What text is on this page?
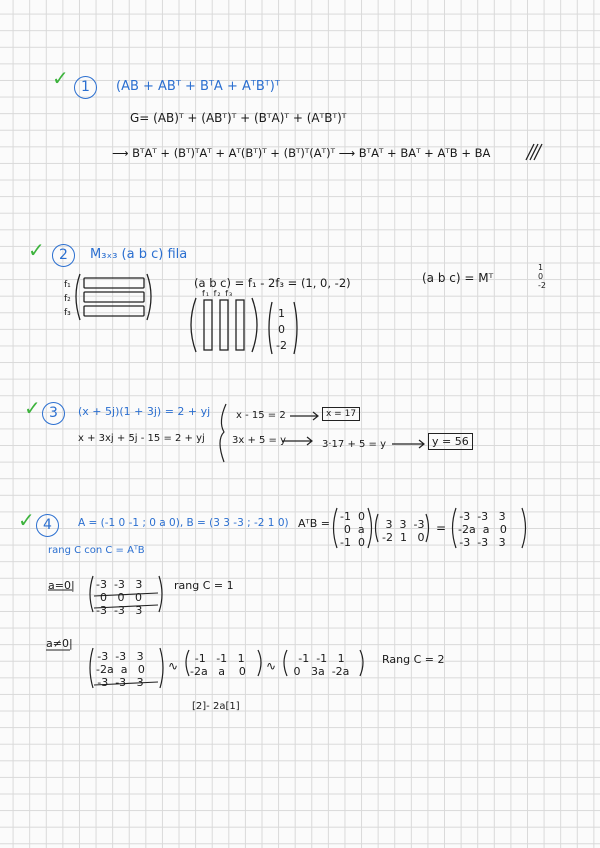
✓ 1	(AB + ABᵀ + BᵀA + AᵀBᵀ)ᵀ
G= (AB)ᵀ + (ABᵀ)ᵀ + (BᵀA)ᵀ + (AᵀBᵀ)ᵀ
⟶ BᵀAᵀ + (Bᵀ)ᵀAᵀ + Aᵀ(Bᵀ)ᵀ + (Bᵀ)ᵀ(Aᵀ)ᵀ ⟶ BᵀAᵀ + BAᵀ + AᵀB + BA
✓	2	M₃ₓ₃ (a b c) fila
f₁
f₂
f₃
(a b c) = f₁ - 2f₃ = (1, 0, -2)	(a b c) = Mᵀ
1
0
-2
f₁ f₂ f₃
1
0
-2
✓ 3	(x + 5j)(1 + 3j) = 2 + yj
x + 3xj + 5j - 15 = 2 + yj
x - 15 = 2	x = 17
3x + 5 = y	3·17 + 5 = y	y = 56
✓ 4	A = (-1 0 -1 ; 0 a 0), B = (3 3 -3 ; -2 1 0) AᵀB =
-1  0
0  a
-1  0
3  3  -3
-2  1   0
=
-3  -3   3
-2a  a   0
-3  -3   3
rang C con C = AᵀB
a=0| -3  -3   3
0   0   0
-3  -3   3
rang C = 1
a≠0|
-3  -3   3
-2a  a   0
-3  -3   3
∿
-1   -1   1
-2a   a    0 ∿
-1  -1   1
0   3a  -2a
Rang C = 2
[2]- 2a[1]
